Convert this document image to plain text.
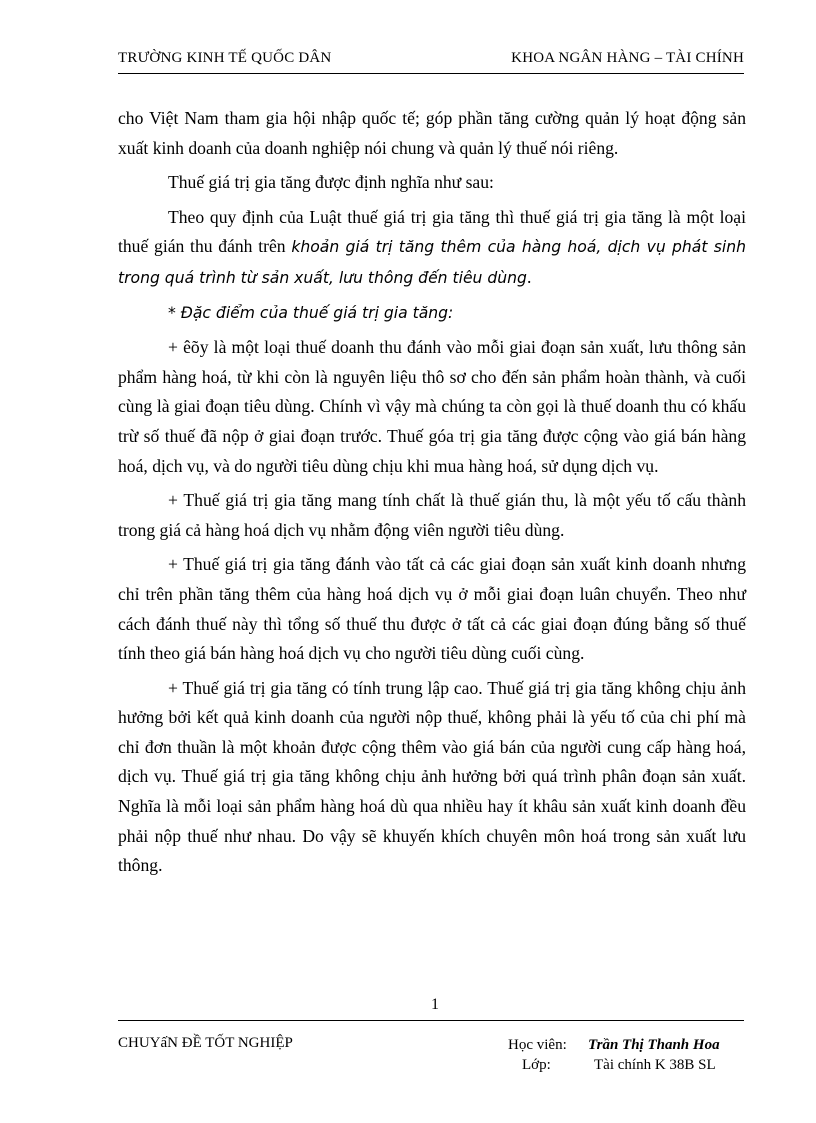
TRƯỜNG KINH TẾ QUỐC DÂN	KHOA NGÂN HÀNG – TÀI CHÍNH

cho Việt Nam tham gia hội nhập quốc tế; góp phần tăng cường quản lý hoạt động sản xuất kinh doanh của doanh nghiệp nói chung và quản lý thuế nói riêng.

Thuế giá trị gia tăng được định nghĩa như sau:

Theo quy định của Luật thuế giá trị gia tăng thì thuế giá trị gia tăng là một loại thuế gián thu đánh trên khoản giá trị tăng thêm của hàng hoá, dịch vụ phát sinh trong quá trình từ sản xuất, lưu thông đến tiêu dùng.

* Đặc điểm của thuế giá trị gia tăng:

+ êõy là một loại thuế doanh thu đánh vào mỗi giai đoạn sản xuất, lưu thông sản phẩm hàng hoá, từ khi còn là nguyên liệu thô sơ cho đến sản phẩm hoàn thành, và cuối cùng là giai đoạn tiêu dùng. Chính vì vậy mà chúng ta còn gọi là thuế doanh thu có khấu trừ số thuế đã nộp ở giai đoạn trước. Thuế góa trị gia tăng được cộng vào giá bán hàng hoá, dịch vụ, và do người tiêu dùng chịu khi mua hàng hoá, sử dụng dịch vụ.

+ Thuế giá trị gia tăng mang tính chất là thuế gián thu, là một yếu tố cấu thành trong giá cả hàng hoá dịch vụ nhằm động viên người tiêu dùng.

+ Thuế giá trị gia tăng đánh vào tất cả các giai đoạn sản xuất kinh doanh nhưng chỉ trên phần tăng thêm của hàng hoá dịch vụ ở mỗi giai đoạn luân chuyển. Theo như cách đánh thuế này thì tổng số thuế thu được ở tất cả các giai đoạn đúng bằng số thuế tính theo giá bán hàng hoá dịch vụ cho người tiêu dùng cuối cùng.

+ Thuế giá trị gia tăng có tính trung lập cao. Thuế giá trị gia tăng không chịu ảnh hưởng bởi kết quả kinh doanh của người nộp thuế, không phải là yếu tố của chi phí mà chỉ đơn thuần là một khoản được cộng thêm vào giá bán của người cung cấp hàng hoá, dịch vụ. Thuế giá trị gia tăng không chịu ảnh hưởng bởi quá trình phân đoạn sản xuất. Nghĩa là mỗi loại sản phẩm hàng hoá dù qua nhiều hay ít khâu sản xuất kinh doanh đều phải nộp thuế như nhau. Do vậy sẽ khuyến khích chuyên môn hoá trong sản xuất lưu thông.

1
CHUYấN ĐỀ TỐT NGHIỆP	Học viên:	Trần Thị Thanh Hoa
Lớp:	Tài chính K 38B SL
